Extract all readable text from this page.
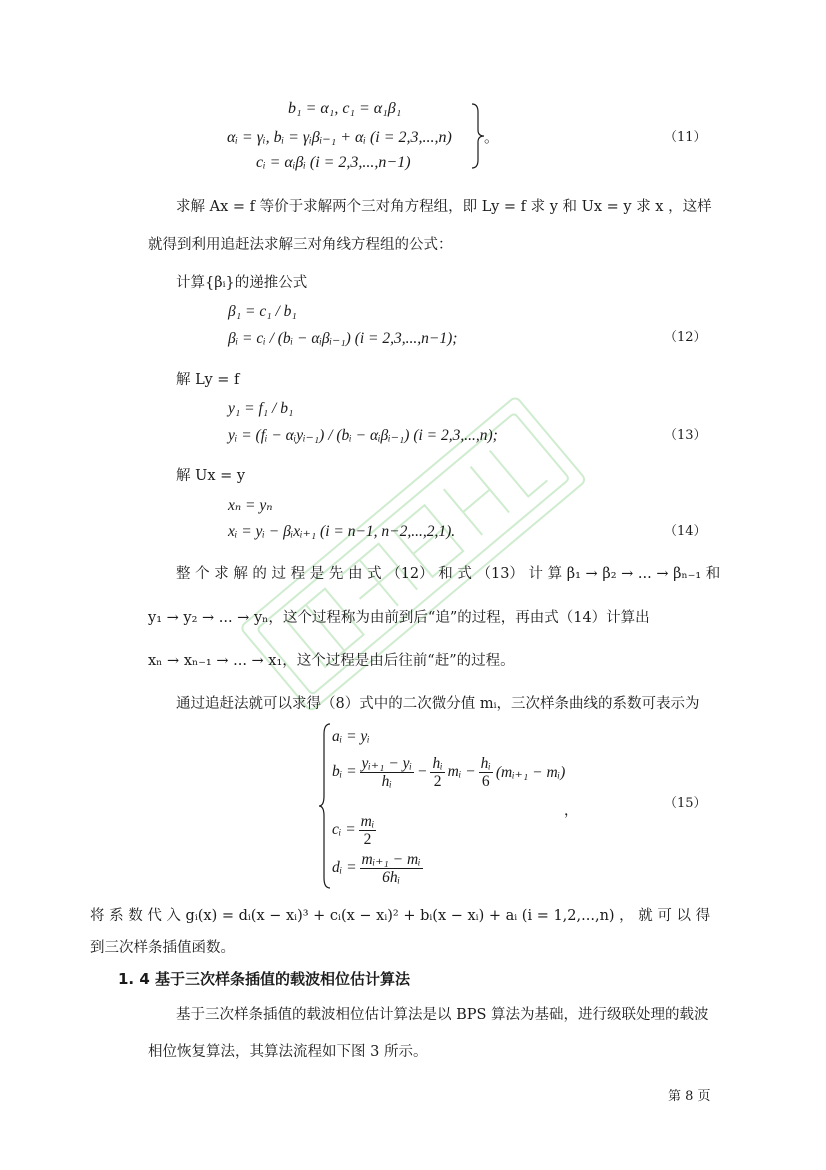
b₁ = α₁, c₁ = α₁β₁
αᵢ = γᵢ, bᵢ = γᵢβᵢ₋₁ + αᵢ (i = 2,3,...,n)
cᵢ = αᵢβᵢ (i = 2,3,...,n−1)
。	（11）
求解 Ax = f 等价于求解两个三对角方程组，即 Ly = f 求 y 和 Ux = y 求 x ，这样
就得到利用追赶法求解三对角线方程组的公式：
计算{βᵢ}的递推公式
β₁ = c₁ / b₁
βᵢ = cᵢ / (bᵢ − αᵢβᵢ₋₁) (i = 2,3,...,n−1);	（12）
解 Ly = f
y₁ = f₁ / b₁
yᵢ = (fᵢ − αᵢyᵢ₋₁) / (bᵢ − αᵢβᵢ₋₁) (i = 2,3,...,n);	（13）
解 Ux = y
xₙ = yₙ
xᵢ = yᵢ − βᵢxᵢ₊₁ (i = n−1, n−2,...,2,1).	（14）
整 个 求 解 的 过 程 是 先 由 式 （12） 和 式 （13） 计 算 β₁ → β₂ → ... → βₙ₋₁ 和
y₁ → y₂ → ... → yₙ，这个过程称为由前到后“追”的过程，再由式（14）计算出
xₙ → xₙ₋₁ → ... → x₁，这个过程是由后往前“赶”的过程。
通过追赶法就可以求得（8）式中的二次微分值 mᵢ，三次样条曲线的系数可表示为
aᵢ = yᵢ
bᵢ = $\frac{\text{yᵢ₊₁ − yᵢ}}{\text{hᵢ}} - \frac{\text{hᵢ}}{2}$ mᵢ − $\frac{\text{hᵢ}}{6}$ (mᵢ₊₁ − mᵢ)
cᵢ = $\frac{\text{mᵢ}}{2}$
dᵢ = $\frac{\text{mᵢ₊₁ − mᵢ}}{\text{6hᵢ}}$
，	（15）
将 系 数 代 入 gᵢ(x) = dᵢ(x − xᵢ)³ + cᵢ(x − xᵢ)² + bᵢ(x − xᵢ) + aᵢ (i = 1,2,...,n) ， 就 可 以 得
到三次样条插值函数。
1. 4 基于三次样条插值的载波相位估计算法
基于三次样条插值的载波相位估计算法是以 BPS 算法为基础，进行级联处理的载波
相位恢复算法，其算法流程如下图 3 所示。
第 8 页
